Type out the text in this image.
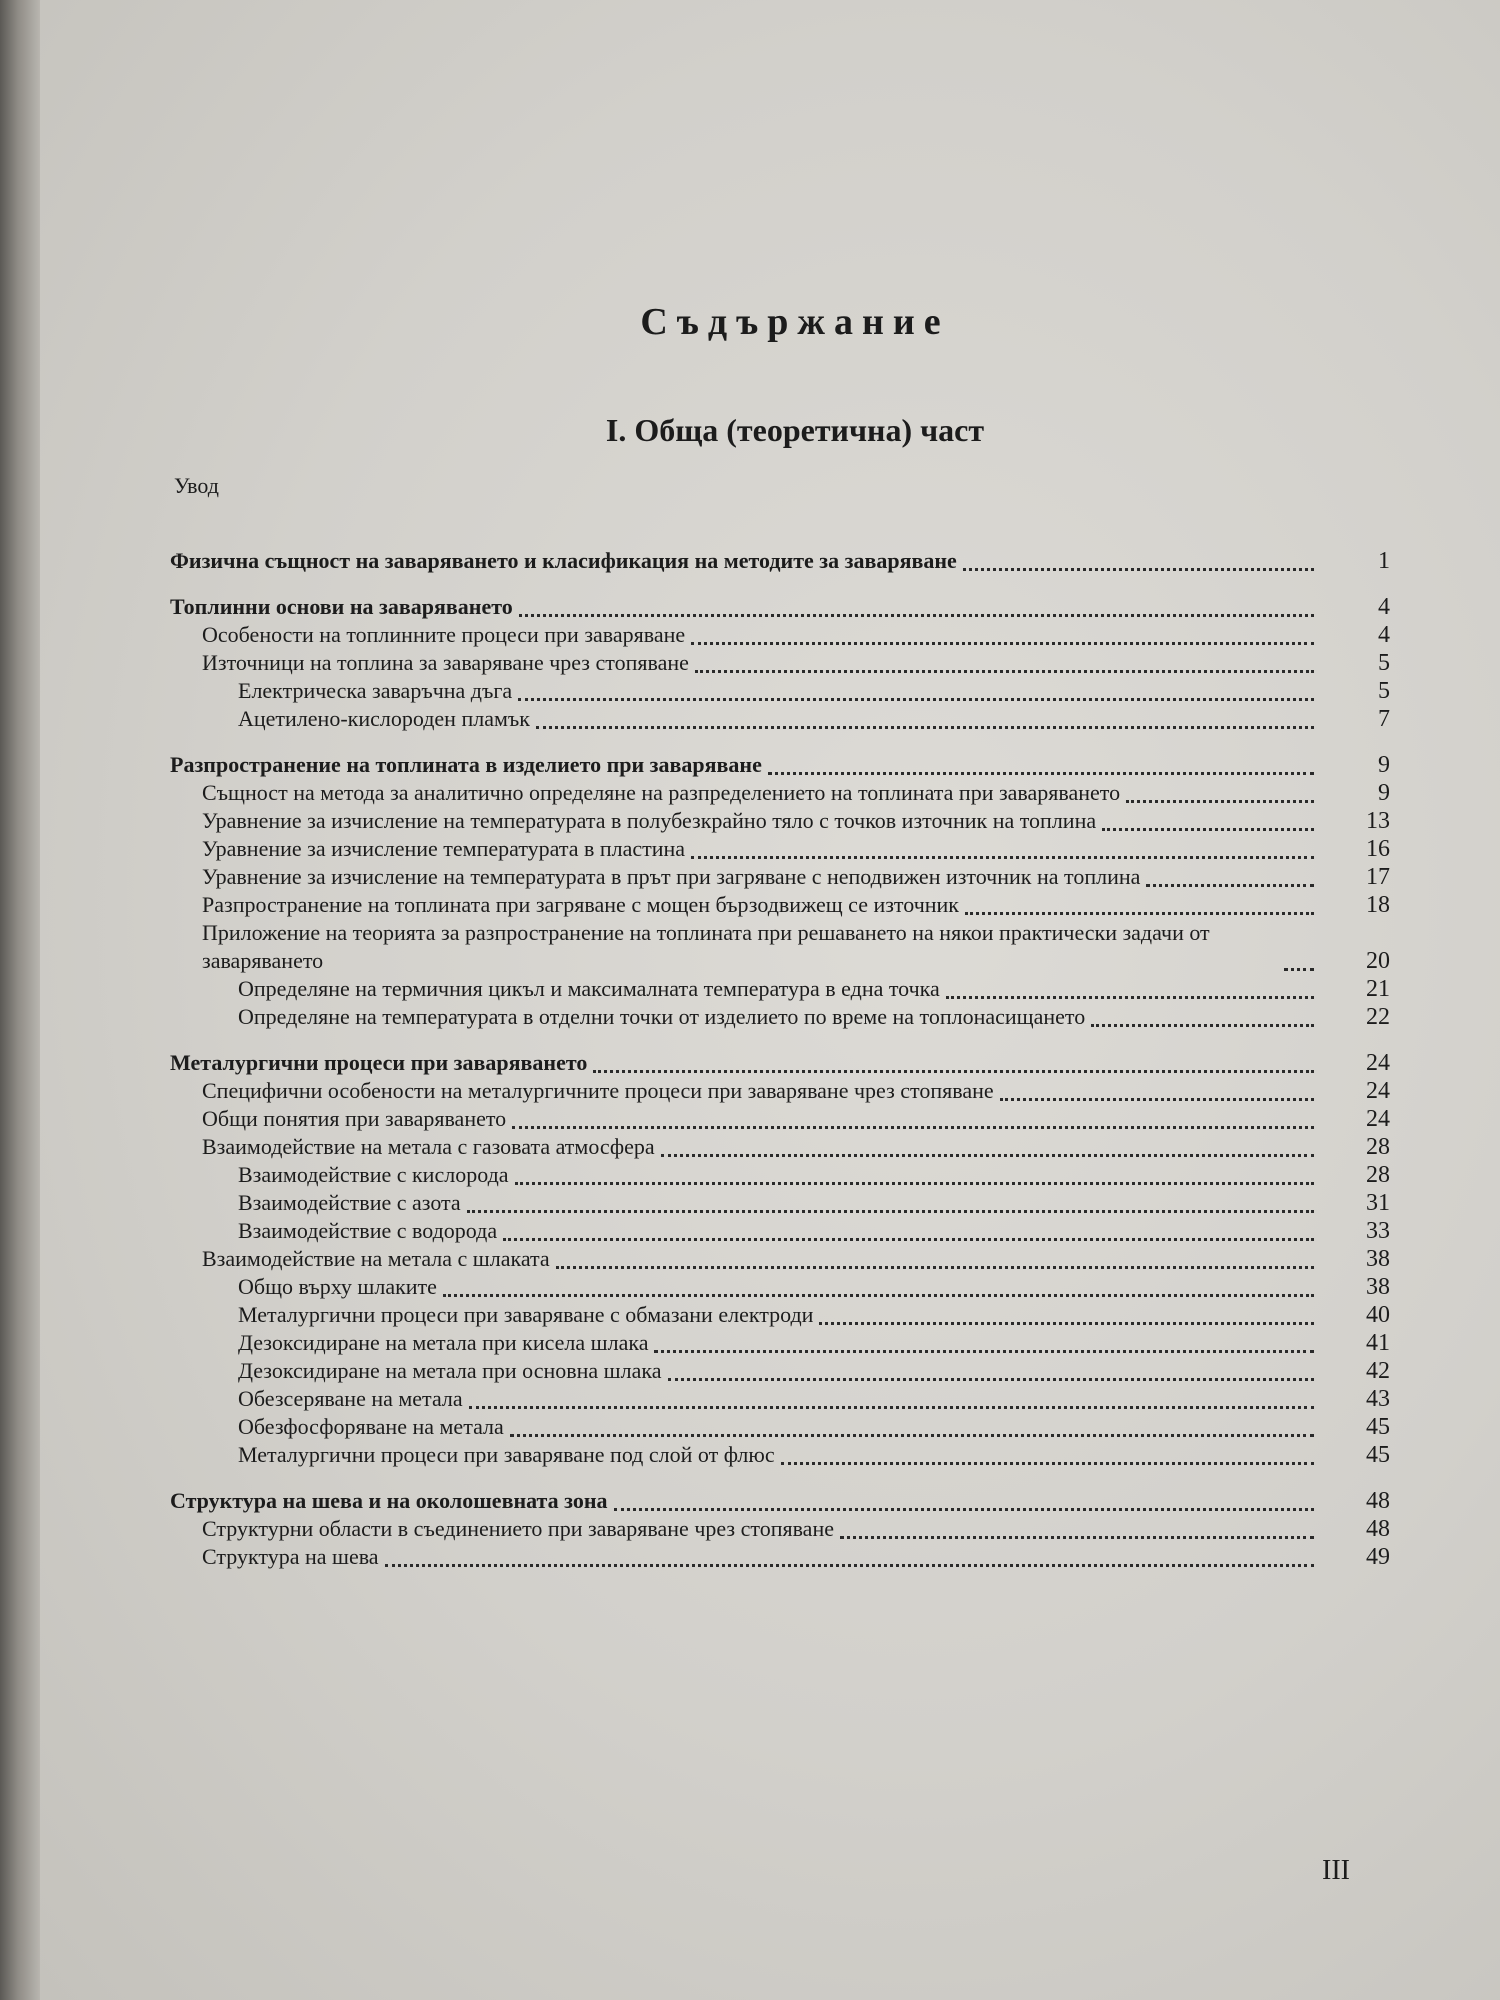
Съдържание
I. Обща (теоретична) част
Увод
Физична същност на заваряването и класификация на методите за заваряване	1
Топлинни основи на заваряването	4
Особености на топлинните процеси при заваряване	4
Източници на топлина за заваряване чрез стопяване	5
Електрическа заваръчна дъга	5
Ацетилено-кислороден пламък	7
Разпространение на топлината в изделието при заваряване	9
Същност на метода за аналитично определяне на разпределението на топлината при заваряването	9
Уравнение за изчисление на температурата в полубезкрайно тяло с точков източник на топлина	13
Уравнение за изчисление температурата в пластина	16
Уравнение за изчисление на температурата в прът при загряване с неподвижен източник на топлина	17
Разпространение на топлината при загряване с мощен бързодвижещ се източник	18
Приложение на теорията за разпространение на топлината при решаването на някои практически задачи от заваряването	20
Определяне на термичния цикъл и максималната температура в една точка	21
Определяне на температурата в отделни точки от изделието по време на топлонасищането	22
Металургични процеси при заваряването	24
Специфични особености на металургичните процеси при заваряване чрез стопяване	24
Общи понятия при заваряването	24
Взаимодействие на метала с газовата атмосфера	28
Взаимодействие с кислорода	28
Взаимодействие с азота	31
Взаимодействие с водорода	33
Взаимодействие на метала с шлаката	38
Общо върху шлаките	38
Металургични процеси при заваряване с обмазани електроди	40
Дезоксидиране на метала при кисела шлака	41
Дезоксидиране на метала при основна шлака	42
Обезсеряване на метала	43
Обезфосфоряване на метала	45
Металургични процеси при заваряване под слой от флюс	45
Структура на шева и на околошевната зона	48
Структурни области в съединението при заваряване чрез стопяване	48
Структура на шева	49
III
